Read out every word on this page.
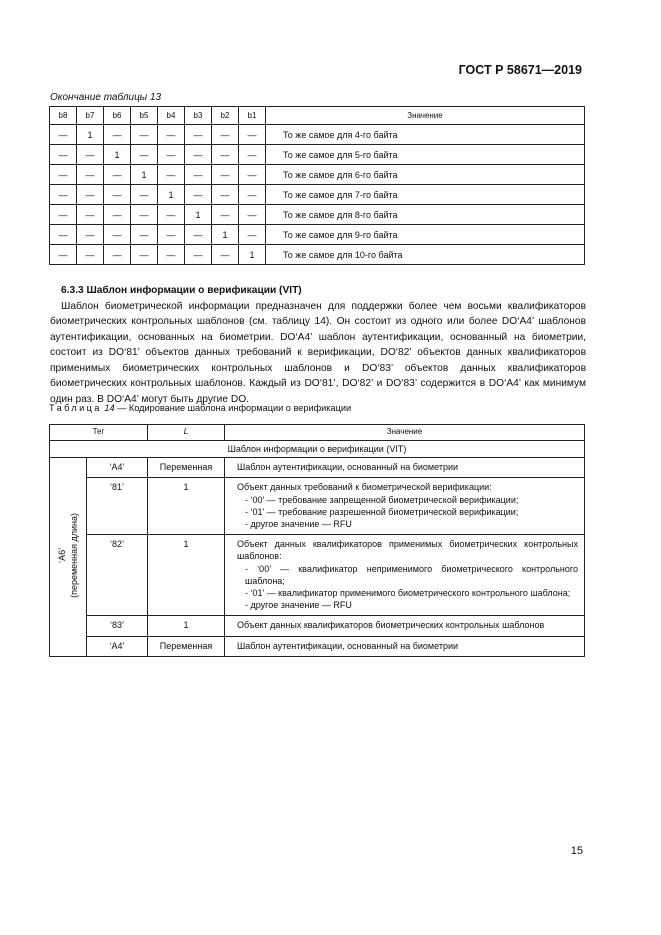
ГОСТ Р 58671—2019
Окончание таблицы 13
b8	b7	b6	b5	b4	b3	b2	b1	Значение
—	1	—	—	—	—	—	—	То же самое для 4-го байта
—	—	1	—	—	—	—	—	То же самое для 5-го байта
—	—	—	1	—	—	—	—	То же самое для 6-го байта
—	—	—	—	1	—	—	—	То же самое для 7-го байта
—	—	—	—	—	1	—	—	То же самое для 8-го байта
—	—	—	—	—	—	1	—	То же самое для 9-го байта
—	—	—	—	—	—	—	1	То же самое для 10-го байта
6.3.3 Шаблон информации о верификации (VIT)

Шаблон биометрической информации предназначен для поддержки более чем восьми квалификаторов биометрических контрольных шаблонов (см. таблицу 14). Он состоит из одного или более DO‘A4’ шаблонов аутентификации, основанных на биометрии. DO‘A4’ шаблон аутентификации, основанный на биометрии, состоит из DO‘81’ объектов данных требований к верификации, DO‘82’ объектов данных квалификаторов применимых биометрических контрольных шаблонов и DO‘83’ объектов данных квалификаторов биометрических контрольных шаблонов. Каждый из DO‘81’, DO‘82’ и DO‘83’ содержится в DO‘A4’ как минимум один раз. В DO‘A4’ могут быть другие DO.

Таблица 14 — Кодирование шаблона информации о верификации
Тег		L	Значение
Шаблон информации о верификации (VIT)			

‘A6’ (переменная длина)	‘A4’	Переменная	Шаблон аутентификации, основанный на биометрии

	‘81’	1	Объект данных требований к биометрической верификации:
- ‘00’ — требование запрещенной биометрической верификации;
- ‘01’ — требование разрешенной биометрической верификации;
- другое значение — RFU

	‘82’	1	Объект данных квалификаторов применимых биометрических контрольных шаблонов:
- ‘00’ — квалификатор неприменимого биометрического контрольного шаблона;
- ‘01’ — квалификатор применимого биометрического контрольного шаблона;
- другое значение — RFU

	‘83’	1	Объект данных квалификаторов биометрических контрольных шаблонов

	‘A4’	Переменная	Шаблон аутентификации, основанный на биометрии
15
